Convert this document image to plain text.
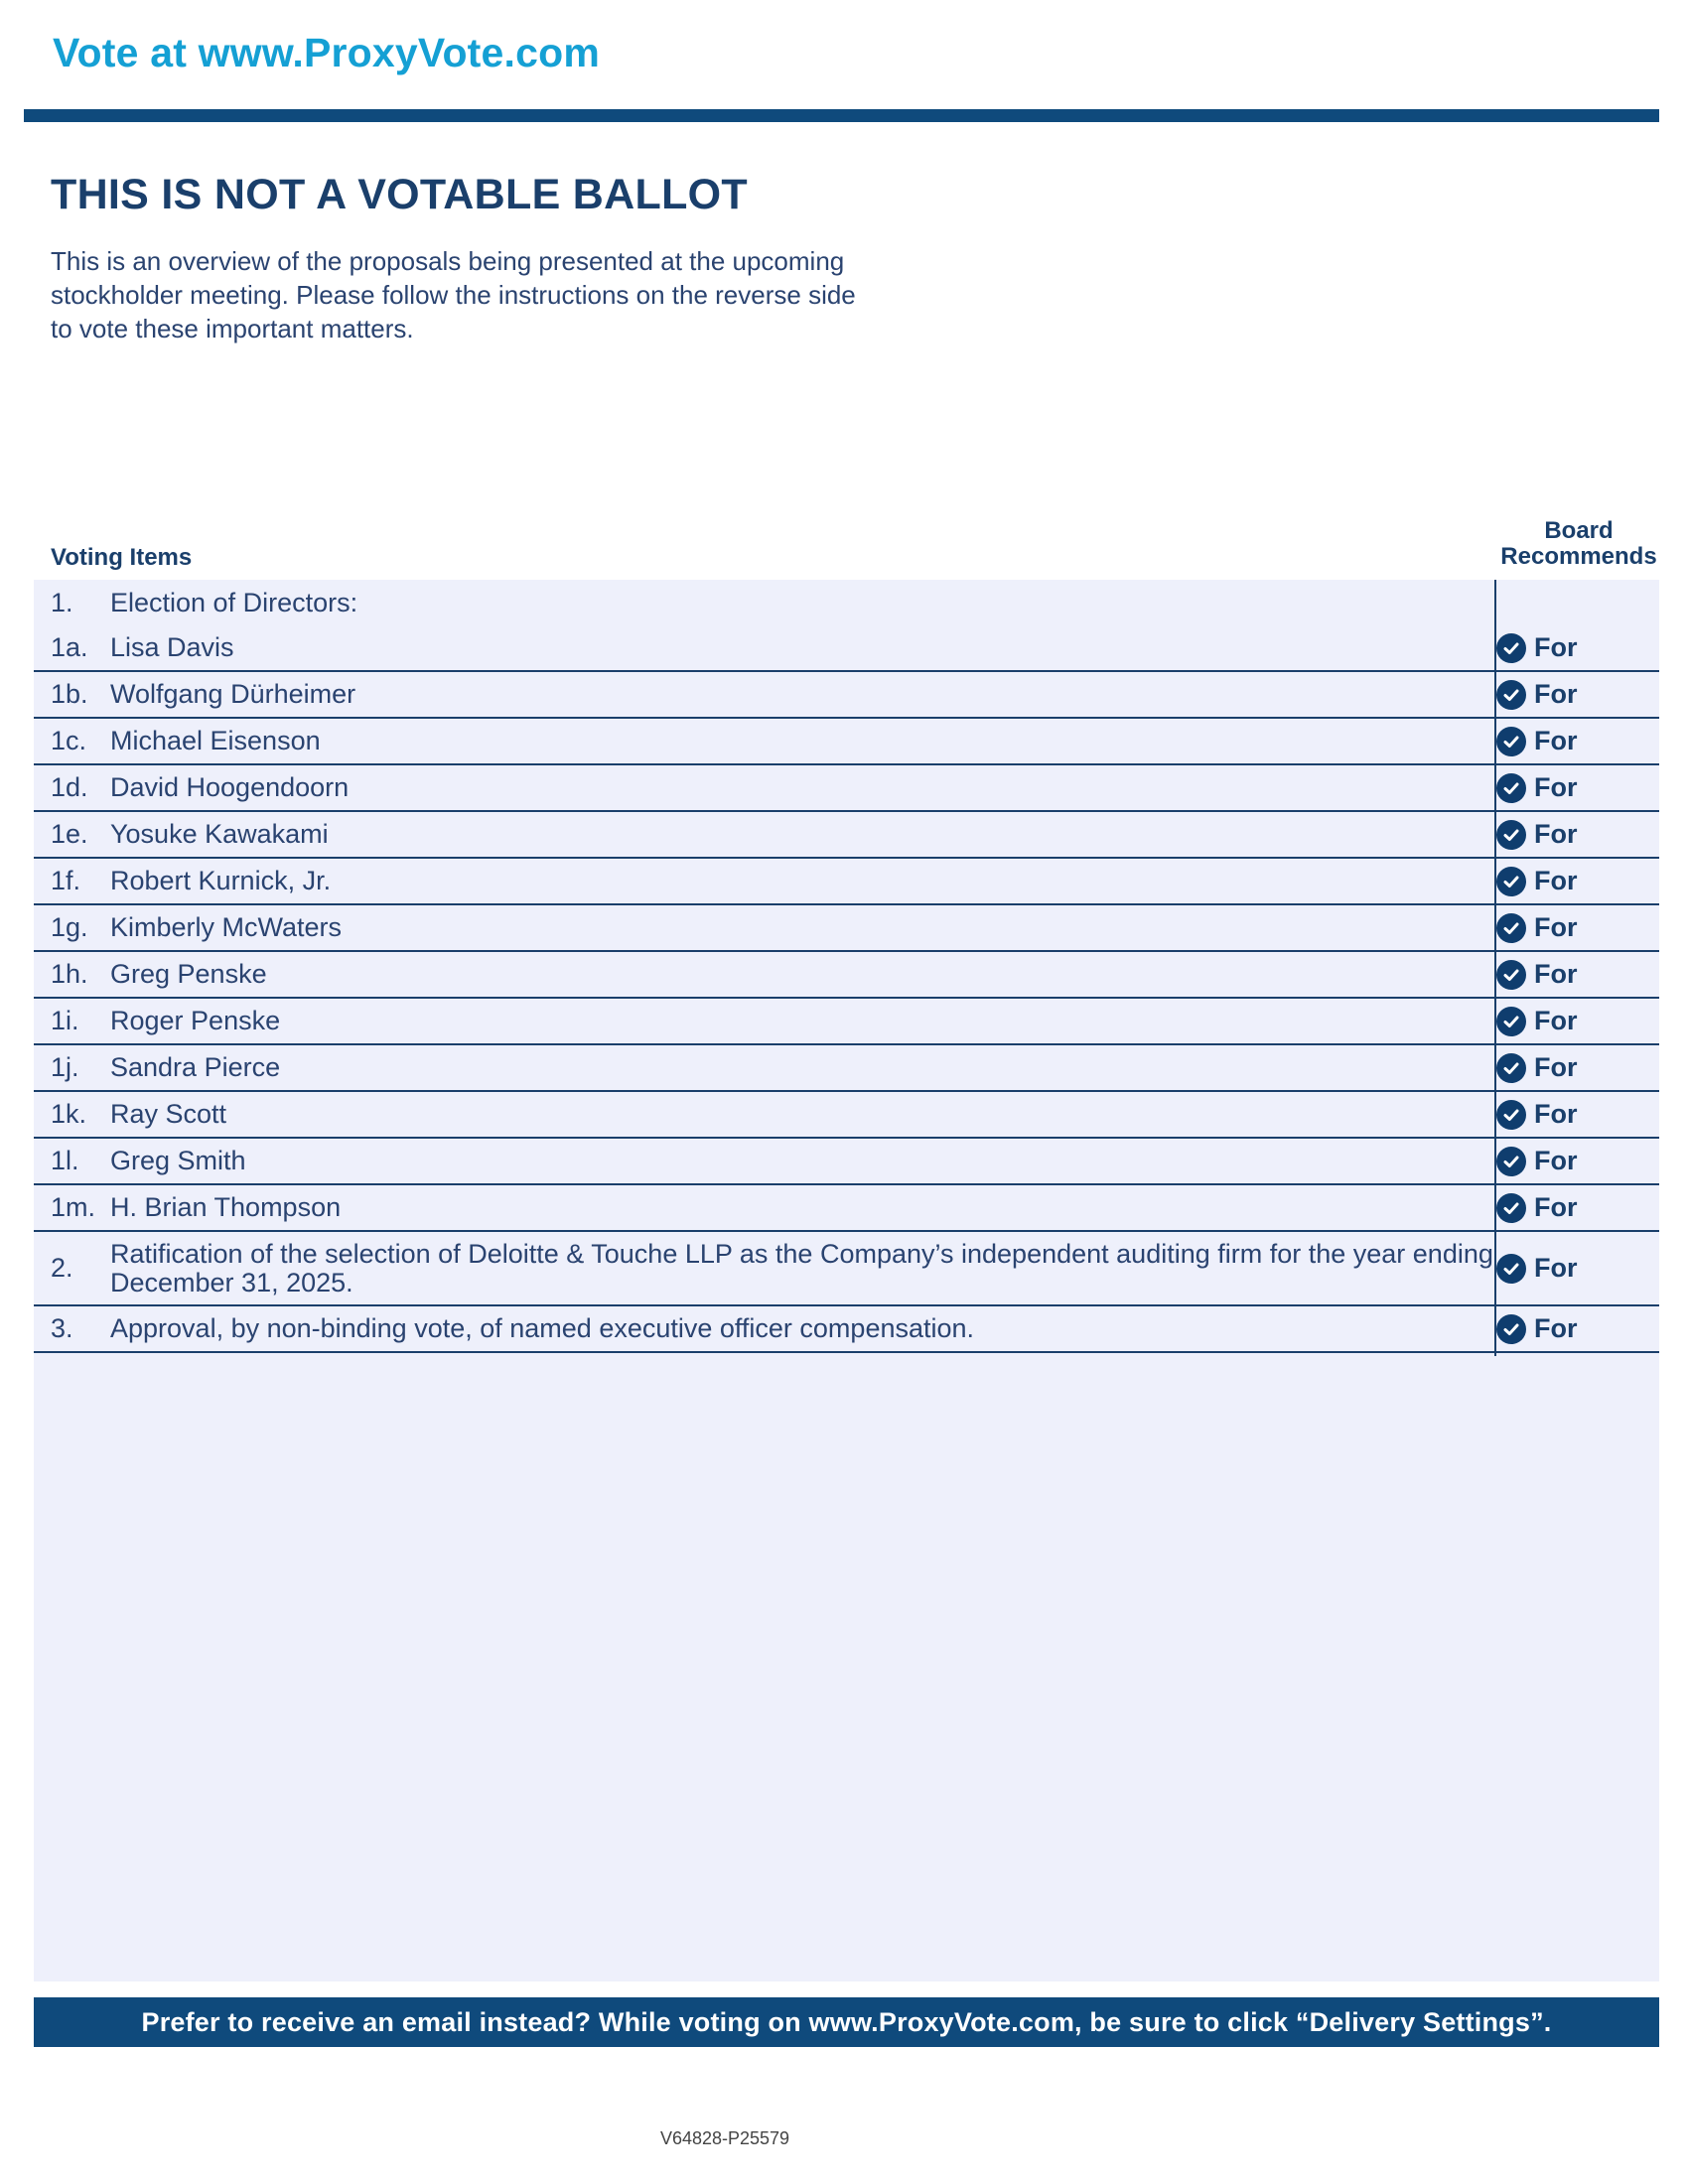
Vote at www.ProxyVote.com
THIS IS NOT A VOTABLE BALLOT
This is an overview of the proposals being presented at the upcoming stockholder meeting. Please follow the instructions on the reverse side to vote these important matters.
Voting Items
Board
Recommends
1.	Election of Directors:
1a. Lisa Davis	For
1b. Wolfgang Dürheimer	For
1c. Michael Eisenson	For
1d. David Hoogendoorn	For
1e. Yosuke Kawakami	For
1f.	Robert Kurnick, Jr.	For
1g. Kimberly McWaters	For
1h. Greg Penske	For
1i.	Roger Penske	For
1j.	Sandra Pierce	For
1k. Ray Scott	For
1l.	Greg Smith	For
1m. H. Brian Thompson	For
2.	Ratification of the selection of Deloitte & Touche LLP as the Company’s independent auditing firm for the year ending December 31, 2025.	For
3.	Approval, by non-binding vote, of named executive officer compensation.	For
Prefer to receive an email instead? While voting on www.ProxyVote.com, be sure to click “Delivery Settings”.
V64828-P25579
